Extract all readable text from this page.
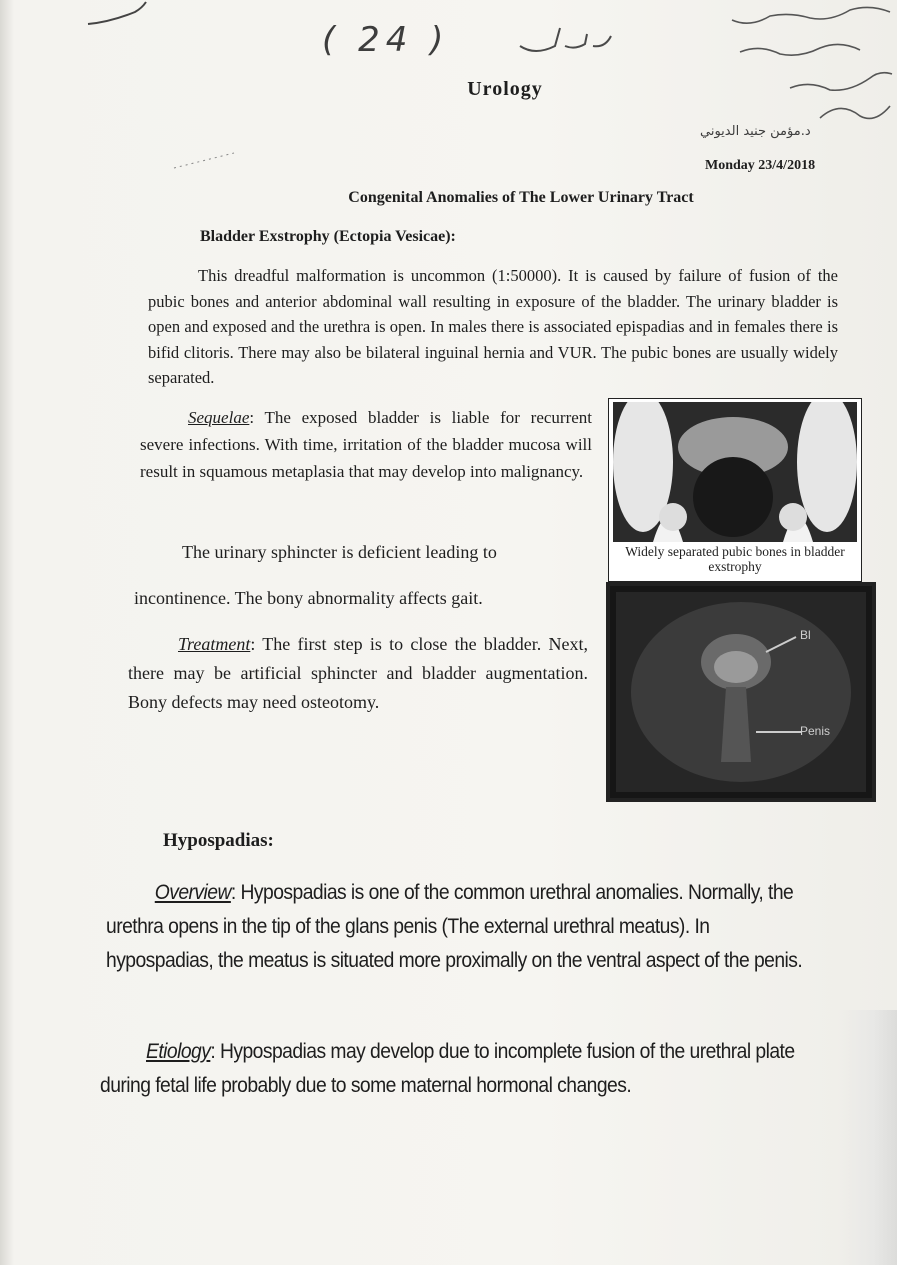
( 24 )
Urology
د.مؤمن جنيد الديوني
Monday 23/4/2018
Congenital Anomalies of The Lower Urinary Tract
Bladder Exstrophy (Ectopia Vesicae):
This dreadful malformation is uncommon (1:50000). It is caused by failure of fusion of the pubic bones and anterior abdominal wall resulting in exposure of the bladder. The urinary bladder is open and exposed and the urethra is open. In males there is associated epispadias and in females there is bifid clitoris. There may also be bilateral inguinal hernia and VUR. The pubic bones are usually widely separated.
Sequelae: The exposed bladder is liable for recurrent severe infections. With time, irritation of the bladder mucosa will result in squamous metaplasia that may develop into malignancy.
The urinary sphincter is deficient leading to
incontinence. The bony abnormality affects gait.
Treatment: The first step is to close the bladder. Next, there may be artificial sphincter and bladder augmentation. Bony defects may need osteotomy.
Widely separated pubic bones in bladder exstrophy
Bl
Penis
Hypospadias:
Overview: Hypospadias is one of the common urethral anomalies. Normally, the urethra opens in the tip of the glans penis (The external urethral meatus). In hypospadias, the meatus is situated more proximally on the ventral aspect of the penis.
Etiology: Hypospadias may develop due to incomplete fusion of the urethral plate during fetal life probably due to some maternal hormonal changes.
